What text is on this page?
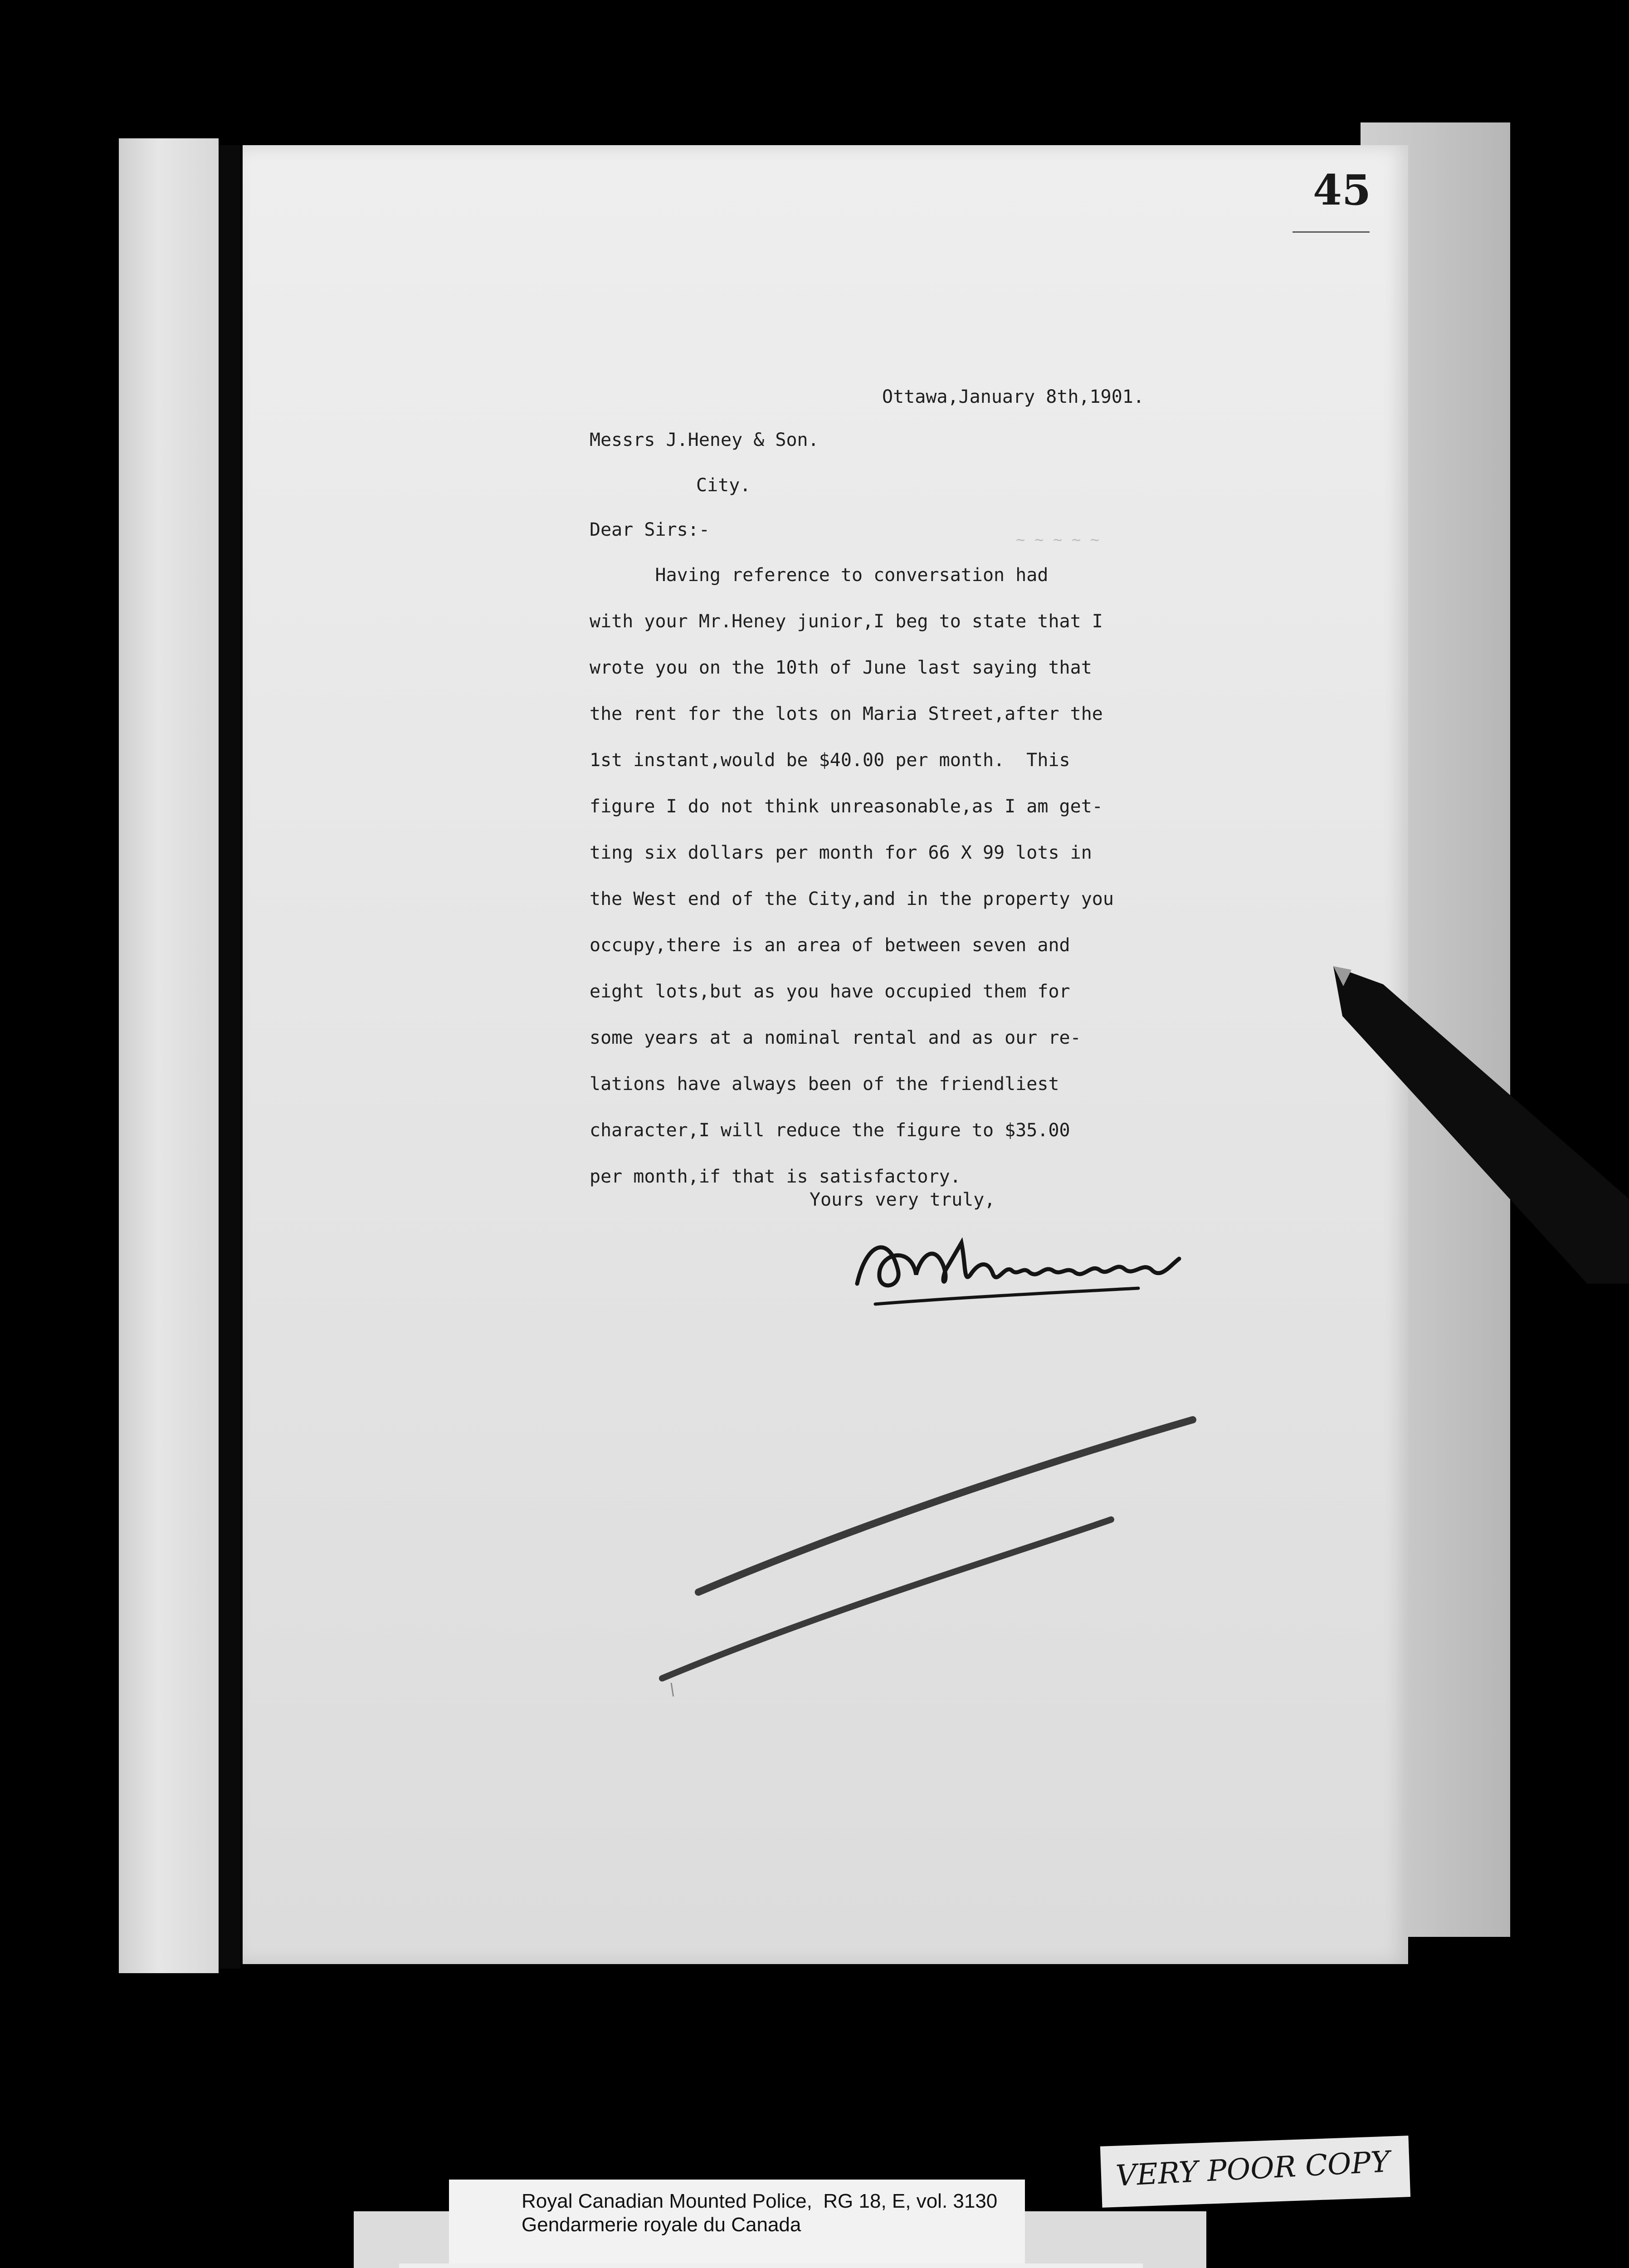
~ ~ ~ ~ ~
45
Ottawa,January 8th,1901.
Messrs J.Heney & Son.
City.
Dear Sirs:-
Having reference to conversation had
with your Mr.Heney junior,I beg to state that I
wrote you on the 10th of June last saying that
the rent for the lots on Maria Street,after the
1st instant,would be $40.00 per month.  This
figure I do not think unreasonable,as I am get-
ting six dollars per month for 66 X 99 lots in
the West end of the City,and in the property you
occupy,there is an area of between seven and
eight lots,but as you have occupied them for
some years at a nominal rental and as our re-
lations have always been of the friendliest
character,I will reduce the figure to $35.00
per month,if that is satisfactory.
Yours very truly,
Royal Canadian Mounted Police,  RG 18, E, vol. 3130
Gendarmerie royale du Canada
VERY POOR COPY
